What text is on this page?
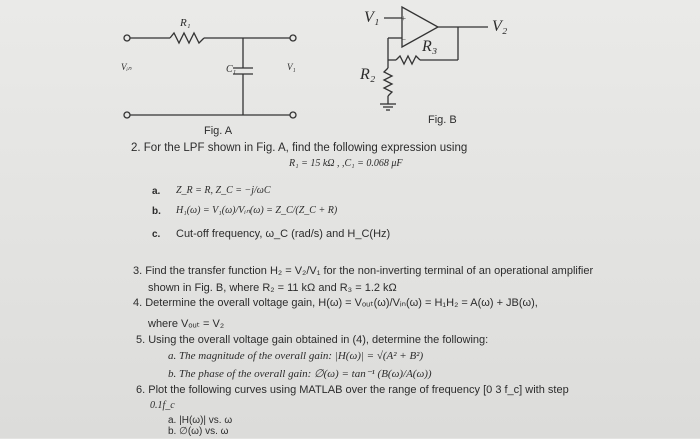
+
−
R₁
C₁
Vᵢₙ	V₁
Fig. A
V₁
V₂
R₃
R₂
Fig. B
2. For the LPF shown in Fig. A, find the following expression using
R₁ = 15 kΩ , ,C₁ = 0.068 μF
a. Z_R = R, Z_C = −j/ωC
b. H₁(ω) = V₁(ω)/Vᵢₙ(ω) = Z_C/(Z_C + R)
c. Cut-off frequency, ω_C (rad/s) and H_C(Hz)
3. Find the transfer function H₂ = V₂/V₁ for the non-inverting terminal of an operational amplifier
shown in Fig. B, where R₂ = 11 kΩ and R₃ = 1.2 kΩ
4. Determine the overall voltage gain, H(ω) = Vₒᵤₜ(ω)/Vᵢₙ(ω) = H₁H₂ = A(ω) + JB(ω),
where Vₒᵤₜ = V₂
5. Using the overall voltage gain obtained in (4), determine the following:
a. The magnitude of the overall gain: |H(ω)| = √(A² + B²)
b. The phase of the overall gain: ∅(ω) = tan⁻¹ (B(ω)/A(ω))
6. Plot the following curves using MATLAB over the range of frequency [0 3 f_c] with step
0.1f_c
a. |H(ω)| vs. ω
b. ∅(ω) vs. ω
